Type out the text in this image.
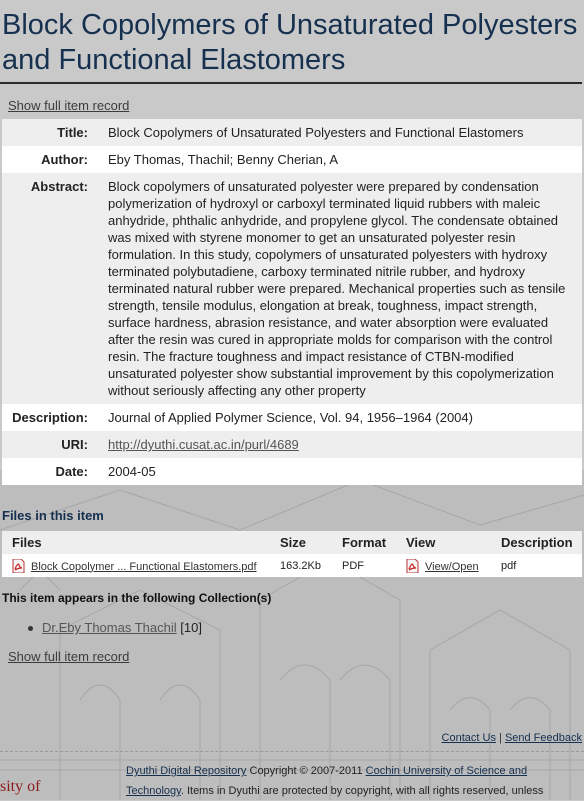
Block Copolymers of Unsaturated Polyesters and Functional Elastomers
Show full item record
Title:	Block Copolymers of Unsaturated Polyesters and Functional Elastomers
Author:	Eby Thomas, Thachil; Benny Cherian, A
Abstract:	Block copolymers of unsaturated polyester were prepared by condensation polymerization of hydroxyl or carboxyl terminated liquid rubbers with maleic anhydride, phthalic anhydride, and propylene glycol. The condensate obtained was mixed with styrene monomer to get an unsaturated polyester resin formulation. In this study, copolymers of unsaturated polyesters with hydroxy terminated polybutadiene, carboxy terminated nitrile rubber, and hydroxy terminated natural rubber were prepared. Mechanical properties such as tensile strength, tensile modulus, elongation at break, toughness, impact strength, surface hardness, abrasion resistance, and water absorption were evaluated after the resin was cured in appropriate molds for comparison with the control resin. The fracture toughness and impact resistance of CTBN-modified unsaturated polyester show substantial improvement by this copolymerization without seriously affecting any other property
Description:	Journal of Applied Polymer Science, Vol. 94, 1956–1964 (2004)
URI:	http://dyuthi.cusat.ac.in/purl/4689
Date:	2004-05
Files in this item
Files	Size	Format	View	Description
Block Copolymer ... Functional Elastomers.pdf	163.2Kb	PDF	View/Open	pdf
This item appears in the following Collection(s)
Dr.Eby Thomas Thachil [10]
Show full item record
Contact Us | Send Feedback
sity of
Dyuthi Digital Repository Copyright © 2007-2011 Cochin University of Science and Technology. Items in Dyuthi are protected by copyright, with all rights reserved, unless
